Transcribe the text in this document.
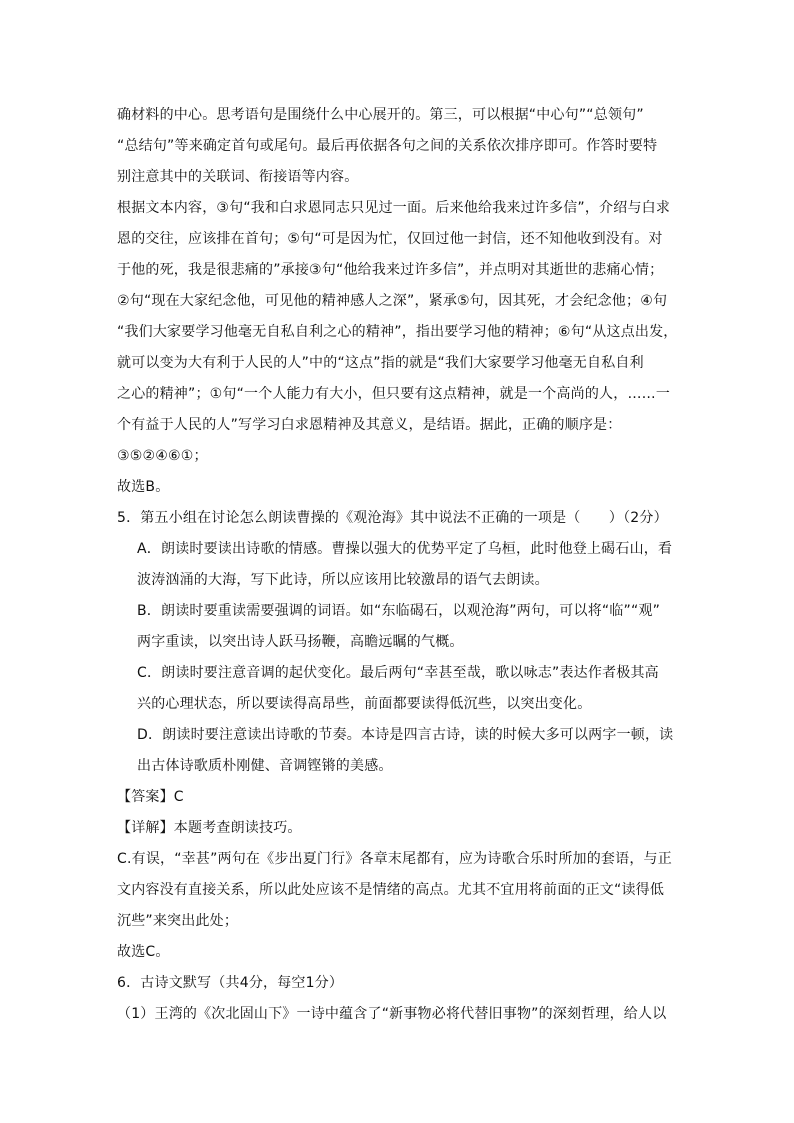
确材料的中心。思考语句是围绕什么中心展开的。第三，可以根据“中心句”“总领句”
“总结句”等来确定首句或尾句。最后再依据各句之间的关系依次排序即可。作答时要特
别注意其中的关联词、衔接语等内容。
根据文本内容，③句“我和白求恩同志只见过一面。后来他给我来过许多信”，介绍与白求
恩的交往，应该排在首句；⑤句“可是因为忙，仅回过他一封信，还不知他收到没有。对
于他的死，我是很悲痛的”承接③句“他给我来过许多信”，并点明对其逝世的悲痛心情；
②句“现在大家纪念他，可见他的精神感人之深”，紧承⑤句，因其死，才会纪念他；④句
“我们大家要学习他毫无自私自利之心的精神”，指出要学习他的精神；⑥句“从这点出发，
就可以变为大有利于人民的人”中的“这点”指的就是“我们大家要学习他毫无自私自利
之心的精神”；①句“一个人能力有大小，但只要有这点精神，就是一个高尚的人，……一
个有益于人民的人”写学习白求恩精神及其意义，是结语。据此，正确的顺序是：
③⑤②④⑥①；
故选B。
5．第五小组在讨论怎么朗读曹操的《观沧海》其中说法不正确的一项是（　　）（2分）
A．朗读时要读出诗歌的情感。曹操以强大的优势平定了乌桓，此时他登上碣石山，看
波涛汹涌的大海，写下此诗，所以应该用比较激昂的语气去朗读。
B．朗读时要重读需要强调的词语。如“东临碣石，以观沧海”两句，可以将“临”“观”
两字重读，以突出诗人跃马扬鞭，高瞻远瞩的气概。
C．朗读时要注意音调的起伏变化。最后两句“幸甚至哉，歌以咏志”表达作者极其高
兴的心理状态，所以要读得高昂些，前面都要读得低沉些，以突出变化。
D．朗读时要注意读出诗歌的节奏。本诗是四言古诗，读的时候大多可以两字一顿，读
出古体诗歌质朴刚健、音调铿锵的美感。
【答案】C
【详解】本题考查朗读技巧。
C.有误，“幸甚”两句在《步出夏门行》各章末尾都有，应为诗歌合乐时所加的套语，与正
文内容没有直接关系，所以此处应该不是情绪的高点。尤其不宜用将前面的正文“读得低
沉些”来突出此处；
故选C。
6．古诗文默写（共4分，每空1分）
（1）王湾的《次北固山下》一诗中蕴含了“新事物必将代替旧事物”的深刻哲理，给人以
